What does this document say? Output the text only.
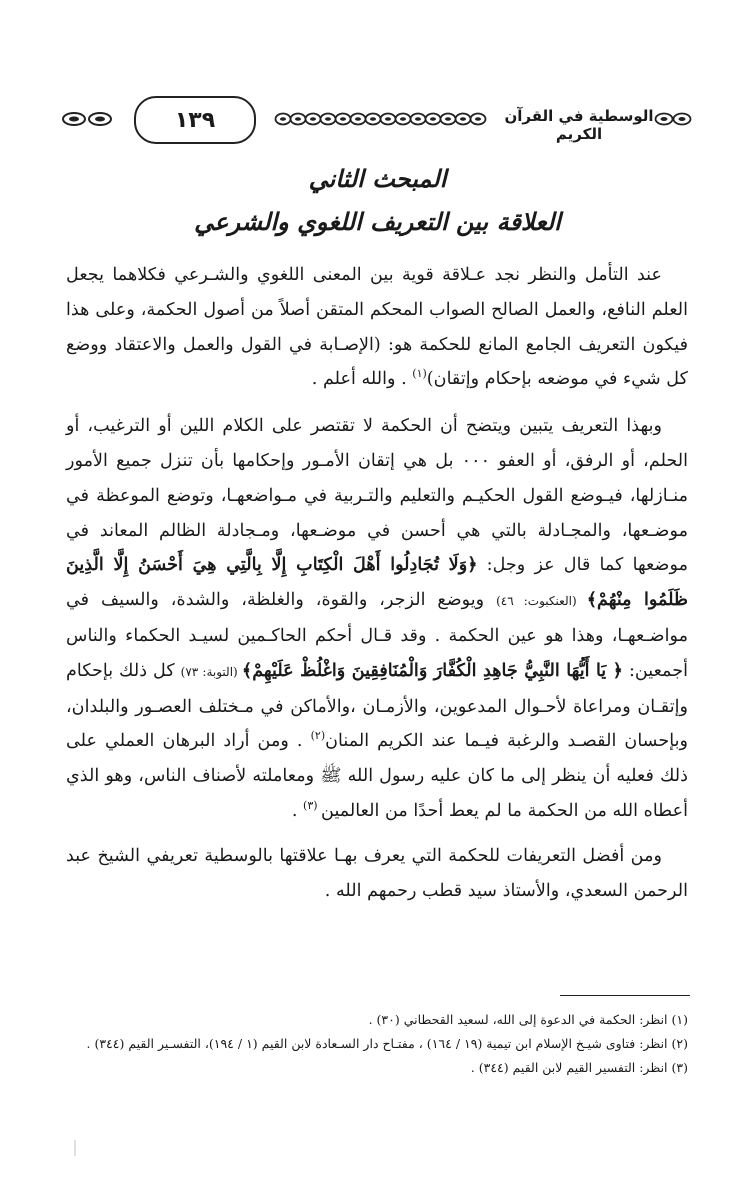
١٣٩	الوسطية في القرآن الكريم
المبحث الثاني
العلاقة بين التعريف اللغوي والشرعي

عند التأمل والنظر نجد عـلاقة قوية بين المعنى اللغوي والشـرعي فكلاهما يجعل العلم النافع، والعمل الصالح الصواب المحكم المتقن أصلاً من أصول الحكمة، وعلى هذا فيكون التعريف الجامع المانع للحكمة هو: (الإصـابة في القول والعمل والاعتقاد ووضع كل شيء في موضعه بإحكام وإتقان)$^{(١)}$ . والله أعلم .

وبهذا التعريف يتبين ويتضح أن الحكمة لا تقتصر على الكلام اللين أو الترغيب، أو الحلم، أو الرفق، أو العفو ٠٠٠ بل هي إتقان الأمـور وإحكامها بأن تنزل جميع الأمور منـازلها، فيـوضع القول الحكيـم والتعليم والتـربية في مـواضعهـا، وتوضع الموعظة في موضـعها، والمجـادلة بالتي هي أحسن في موضـعها، ومـجادلة الظالم المعاند في موضعها كما قال عز وجل: ﴿وَلَا تُجَادِلُوا أَهْلَ الْكِتَابِ إِلَّا بِالَّتِي هِيَ أَحْسَنُ إِلَّا الَّذِينَ ظَلَمُوا مِنْهُمْ﴾ (العنكبوت: ٤٦) ويوضع الزجر، والقوة، والغلظة، والشدة، والسيف في مواضـعهـا، وهذا هو عين الحكمة . وقد قـال أحكم الحاكـمين لسيـد الحكماء والناس أجمعين: ﴿ يَا أَيُّهَا النَّبِيُّ جَاهِدِ الْكُفَّارَ وَالْمُنَافِقِينَ وَاغْلُظْ عَلَيْهِمْ﴾ (التوبة: ٧٣) كل ذلك بإحكام وإتقـان ومراعاة لأحـوال المدعوين، والأزمـان ،والأماكن في مـختلف العصـور والبلدان، وبإحسان القصـد والرغبة فيـما عند الكريم المنان$^{(٢)}$ . ومن أراد البرهان العملي على ذلك فعليه أن ينظر إلى ما كان عليه رسول الله ﷺ ومعاملته لأصناف الناس، وهو الذي أعطاه الله من الحكمة ما لم يعط أحدًا من العالمين $^{(٣)}$ .

ومن أفضل التعريفات للحكمة التي يعرف بهـا علاقتها بالوسطية تعريفي الشيخ عبد الرحمن السعدي، والأستاذ سيد قطب رحمهم الله .

(١) انظر: الحكمة في الدعوة إلى الله، لسعيد القحطاني (٣٠) .

(٢) انظر: فتاوى شيـخ الإسلام ابن تيمية (١٩ / ١٦٤) ، مفتـاح دار السـعادة لابن القيم (١ / ١٩٤)، التفسـير القيم (٣٤٤) .

(٣) انظر: التفسير القيم لابن القيم (٣٤٤) .
